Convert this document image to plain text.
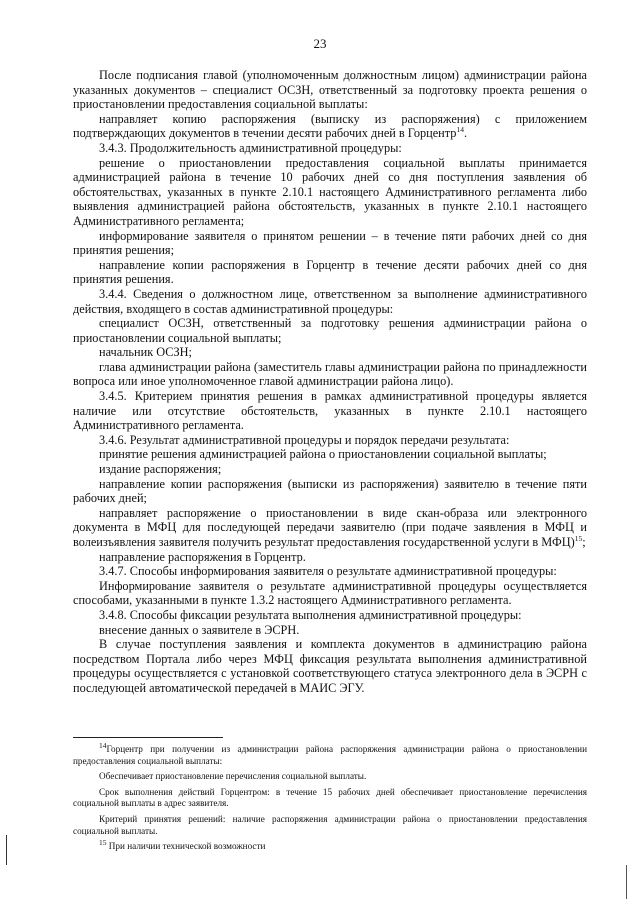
23

После подписания главой (уполномоченным должностным лицом) администрации района указанных документов – специалист ОСЗН, ответственный за подготовку проекта решения о приостановлении предоставления социальной выплаты:

направляет копию распоряжения (выписку из распоряжения) с приложением подтверждающих документов в течении десяти рабочих дней в Горцентр$^{14}$.

3.4.3. Продолжительность административной процедуры:

решение о приостановлении предоставления социальной выплаты принимается администрацией района в течение 10 рабочих дней со дня поступления заявления об обстоятельствах, указанных в пункте 2.10.1 настоящего Административного регламента либо выявления администрацией района обстоятельств, указанных в пункте 2.10.1 настоящего Административного регламента;

информирование заявителя о принятом решении – в течение пяти рабочих дней со дня принятия решения;

направление копии распоряжения в Горцентр в течение десяти рабочих дней со дня принятия решения.

3.4.4. Сведения о должностном лице, ответственном за выполнение административного действия, входящего в состав административной процедуры:

специалист ОСЗН, ответственный за подготовку решения администрации района о приостановлении социальной выплаты;

начальник ОСЗН;

глава администрации района (заместитель главы администрации района по принадлежности вопроса или иное уполномоченное главой администрации района лицо).

3.4.5. Критерием принятия решения в рамках административной процедуры является наличие или отсутствие обстоятельств, указанных в пункте 2.10.1 настоящего Административного регламента.

3.4.6. Результат административной процедуры и порядок передачи результата:

принятие решения администрацией района о приостановлении социальной выплаты;

издание распоряжения;

направление копии распоряжения (выписки из распоряжения) заявителю в течение пяти рабочих дней;

направляет распоряжение о приостановлении в виде скан-образа или электронного документа в МФЦ для последующей передачи заявителю (при подаче заявления в МФЦ и волеизъявления заявителя получить результат предоставления государственной услуги в МФЦ)$^{15}$;

направление распоряжения в Горцентр.

3.4.7. Способы информирования заявителя о результате административной процедуры:

Информирование заявителя о результате административной процедуры осуществляется способами, указанными в пункте 1.3.2 настоящего Административного регламента.

3.4.8. Способы фиксации результата выполнения административной процедуры:

внесение данных о заявителе в ЭСРН.

В случае поступления заявления и комплекта документов в администрацию района посредством Портала либо через МФЦ фиксация результата выполнения административной процедуры осуществляется с установкой соответствующего статуса электронного дела в ЭСРН с последующей автоматической передачей в МАИС ЭГУ.

$^{14}$Горцентр при получении из администрации района распоряжения администрации района о приостановлении предоставления социальной выплаты:

Обеспечивает приостановление перечисления социальной выплаты.

Срок выполнения действий Горцентром: в течение 15 рабочих дней обеспечивает приостановление перечисления социальной выплаты в адрес заявителя.

Критерий принятия решений: наличие распоряжения администрации района о приостановлении предоставления социальной выплаты.

$^{15}$ При наличии технической возможности
